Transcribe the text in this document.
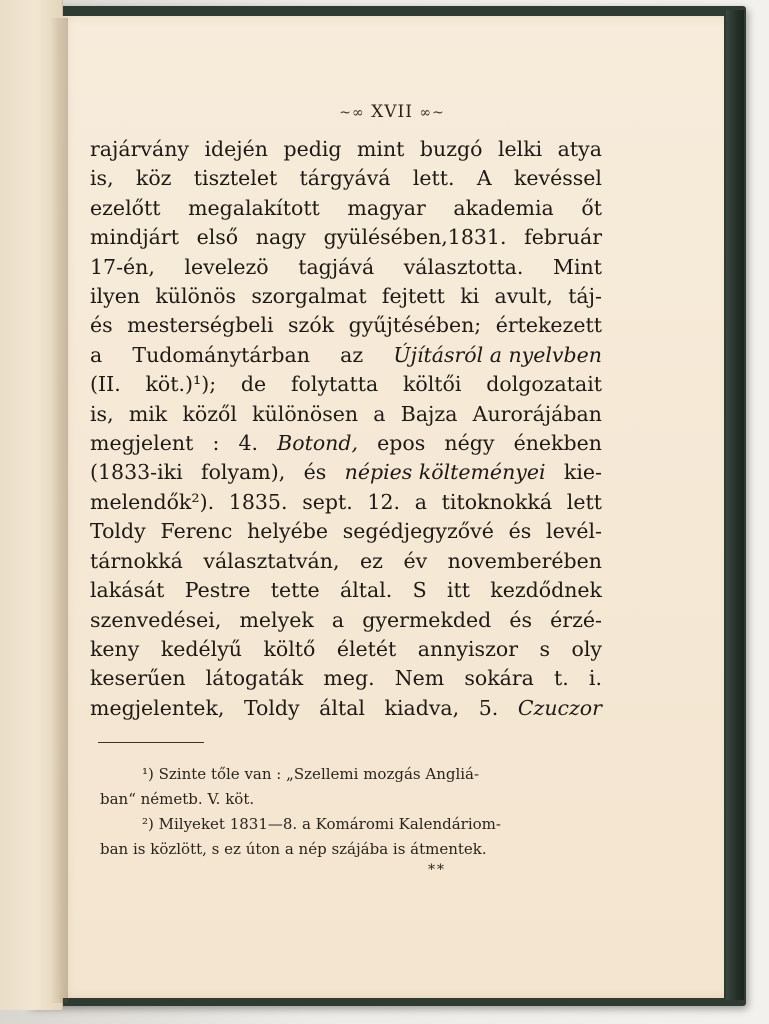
~∞ XVII ∞~
rajárvány idején pedig mint buzgó lelki atya
is, köz tisztelet tárgyává lett. A kevéssel
ezelőtt megalakított magyar akademia őt
mindjárt első nagy gyülésében,1831. február
17-én, levelezö tagjává választotta. Mint
ilyen különös szorgalmat fejtett ki avult, táj-
és mesterségbeli szók gyűjtésében; értekezett
a Tudománytárban az Újításról a nyelvben
(II. köt.)¹); de folytatta költői dolgozatait
is, mik közől különösen a Bajza Aurorájában
megjelent : 4. Botond, epos négy énekben
(1833-iki folyam), és népies költeményei kie-
melendők²). 1835. sept. 12. a titoknokká lett
Toldy Ferenc helyébe segédjegyzővé és levél-
tárnokká választatván, ez év novemberében
lakását Pestre tette által. S itt kezdődnek
szenvedései, melyek a gyermekded és érzé-
keny kedélyű költő életét annyiszor s oly
keserűen látogaták meg. Nem sokára t. i.
megjelentek, Toldy által kiadva, 5. Czuczor
¹) Szinte tőle van : „Szellemi mozgás Angliá-
ban“ németb. V. köt.
²) Milyeket 1831—8. a Komáromi Kalendáriom-
ban is közlött, s ez úton a nép szájába is átmentek.
**
